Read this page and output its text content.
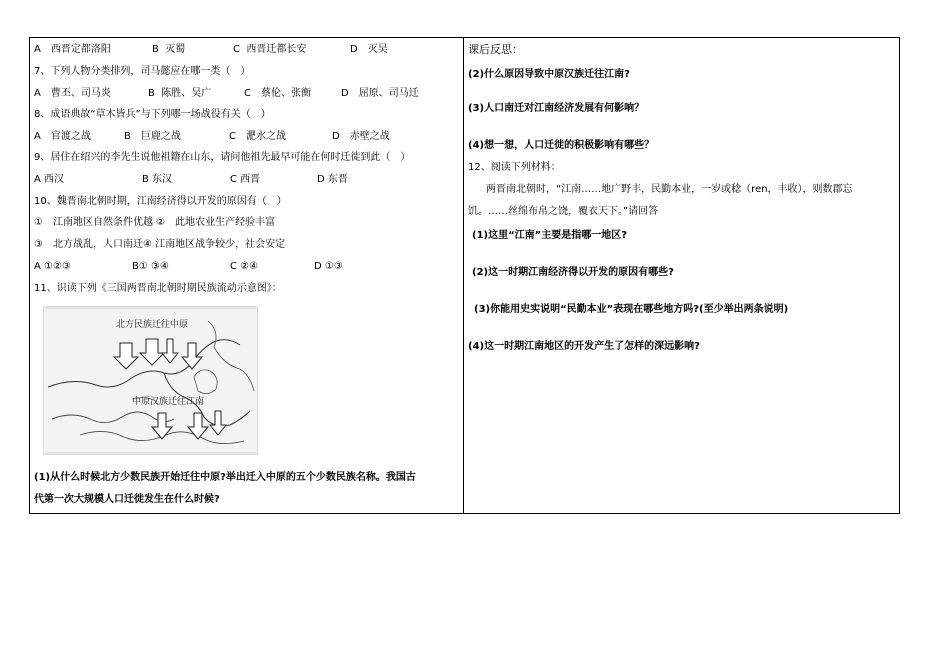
A　西晋定都洛阳	B  灭蜀	C  西晋迁都长安	D　灭吴
7、下列人物分类排列，司马懿应在哪一类（　）
A　曹丕、司马炎	B  陈胜、吴广	C　蔡伦、张衡	D　屈原、司马迁
8、成语典故“草木皆兵”与下列哪一场战役有关（　）
A　官渡之战	B　巨鹿之战	C　淝水之战	D　赤壁之战
9、居住在绍兴的李先生说他祖籍在山东，请问他祖先最早可能在何时迁徙到此（　）
A 西汉	B 东汉	C 西晋	D 东晋
10、魏晋南北朝时期，江南经济得以开发的原因有（　）
①　江南地区自然条件优越 ②　此地农业生产经验丰富
③　北方战乱，人口南迁④ 江南地区战争较少，社会安定
A ①②③	B① ③④	C ②④	D ①③
11、识读下列《三国两晋南北朝时期民族流动示意图》：
北方民族迁往中原
中原汉族迁往江南
(1)从什么时候北方少数民族开始迁往中原?举出迁入中原的五个少数民族名称。我国古
代第一次大规模人口迁徙发生在什么时候?
课后反思：
(2)什么原因导致中原汉族迁往江南?
(3)人口南迁对江南经济发展有何影响？
(4)想一想，人口迁徙的积极影响有哪些？
12、阅读下列材料：
两晋南北朝时，“江南……地广野丰，民勤本业，一岁或稔（ren，丰收），则数郡忘
饥。……丝绵布帛之饶，覆衣天下。”请回答
(1)这里“江南”主要是指哪一地区?
(2)这一时期江南经济得以开发的原因有哪些?
(3)你能用史实说明“民勤本业”表现在哪些地方吗?(至少举出两条说明)
(4)这一时期江南地区的开发产生了怎样的深远影响?
